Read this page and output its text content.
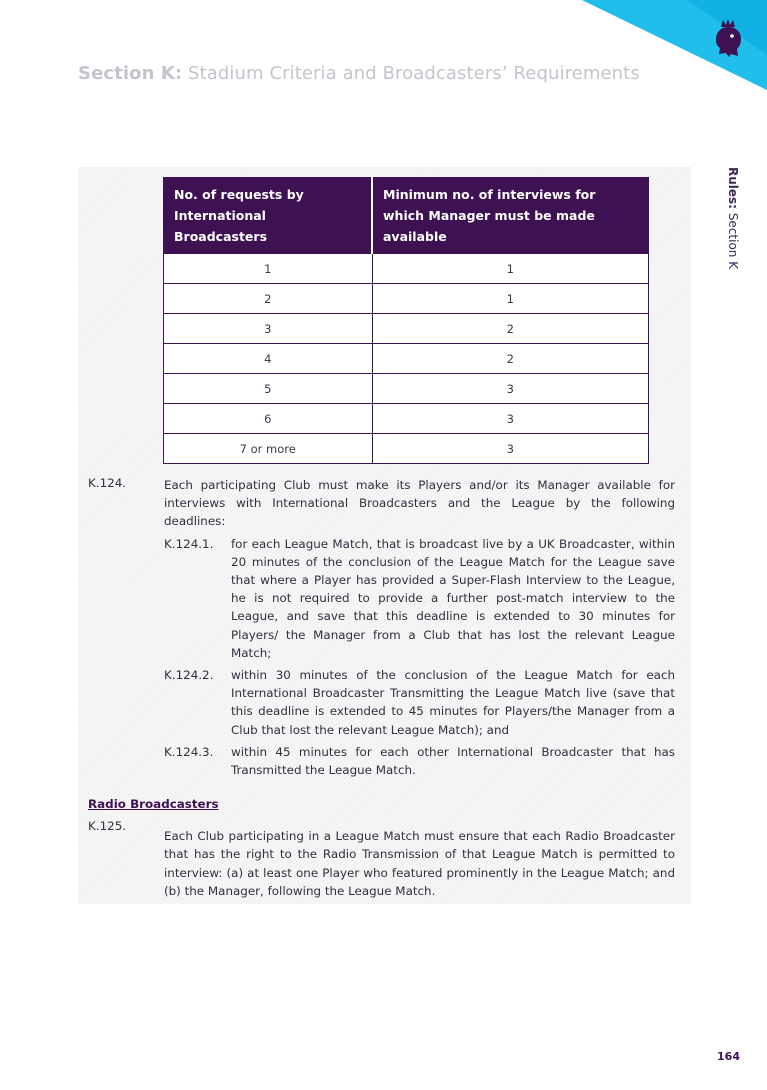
Section K: Stadium Criteria and Broadcasters’ Requirements
Rules: Section K
No. of requests by International Broadcasters	Minimum no. of interviews for which Manager must be made available
1	1
2	1
3	2
4	2
5	3
6	3
7 or more	3
K.124.	Each participating Club must make its Players and/or its Manager available for interviews with International Broadcasters and the League by the following deadlines:
K.124.1. for each League Match, that is broadcast live by a UK Broadcaster, within 20 minutes of the conclusion of the League Match for the League save that where a Player has provided a Super-Flash Interview to the League, he is not required to provide a further post-match interview to the League, and save that this deadline is extended to 30 minutes for Players/ the Manager from a Club that has lost the relevant League Match;
K.124.2. within 30 minutes of the conclusion of the League Match for each International Broadcaster Transmitting the League Match live (save that this deadline is extended to 45 minutes for Players/the Manager from a Club that lost the relevant League Match); and
K.124.3. within 45 minutes for each other International Broadcaster that has Transmitted the League Match.
Radio Broadcasters
K.125.
Each Club participating in a League Match must ensure that each Radio Broadcaster that has the right to the Radio Transmission of that League Match is permitted to interview: (a) at least one Player who featured prominently in the League Match; and (b) the Manager, following the League Match.
164
